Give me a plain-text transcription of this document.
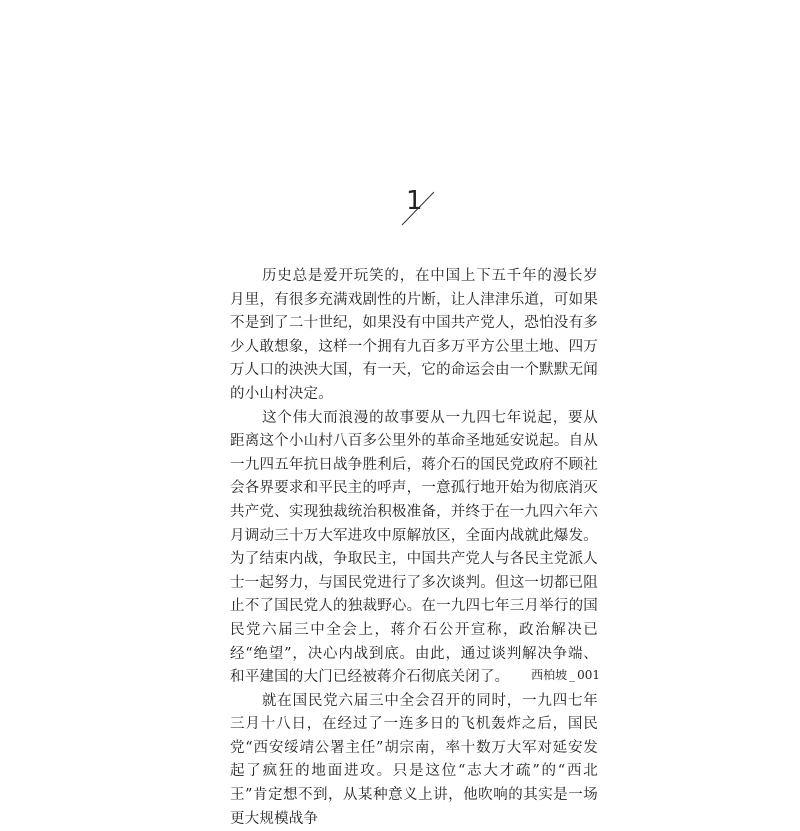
1

历史总是爱开玩笑的，在中国上下五千年的漫长岁月里，有很多充满戏剧性的片断，让人津津乐道，可如果不是到了二十世纪，如果没有中国共产党人，恐怕没有多少人敢想象，这样一个拥有九百多万平方公里土地、四万万人口的泱泱大国，有一天，它的命运会由一个默默无闻的小山村决定。

这个伟大而浪漫的故事要从一九四七年说起，要从距离这个小山村八百多公里外的革命圣地延安说起。自从一九四五年抗日战争胜利后，蒋介石的国民党政府不顾社会各界要求和平民主的呼声，一意孤行地开始为彻底消灭共产党、实现独裁统治积极准备，并终于在一九四六年六月调动三十万大军进攻中原解放区，全面内战就此爆发。为了结束内战，争取民主，中国共产党人与各民主党派人士一起努力，与国民党进行了多次谈判。但这一切都已阻止不了国民党人的独裁野心。在一九四七年三月举行的国民党六届三中全会上，蒋介石公开宣称，政治解决已经“绝望”，决心内战到底。由此，通过谈判解决争端、和平建国的大门已经被蒋介石彻底关闭了。

就在国民党六届三中全会召开的同时，一九四七年三月十八日，在经过了一连多日的飞机轰炸之后，国民党“西安绥靖公署主任”胡宗南，率十数万大军对延安发起了疯狂的地面进攻。只是这位“志大才疏”的“西北王”肯定想不到，从某种意义上讲，他吹响的其实是一场更大规模战争

西柏坡 _ 001
